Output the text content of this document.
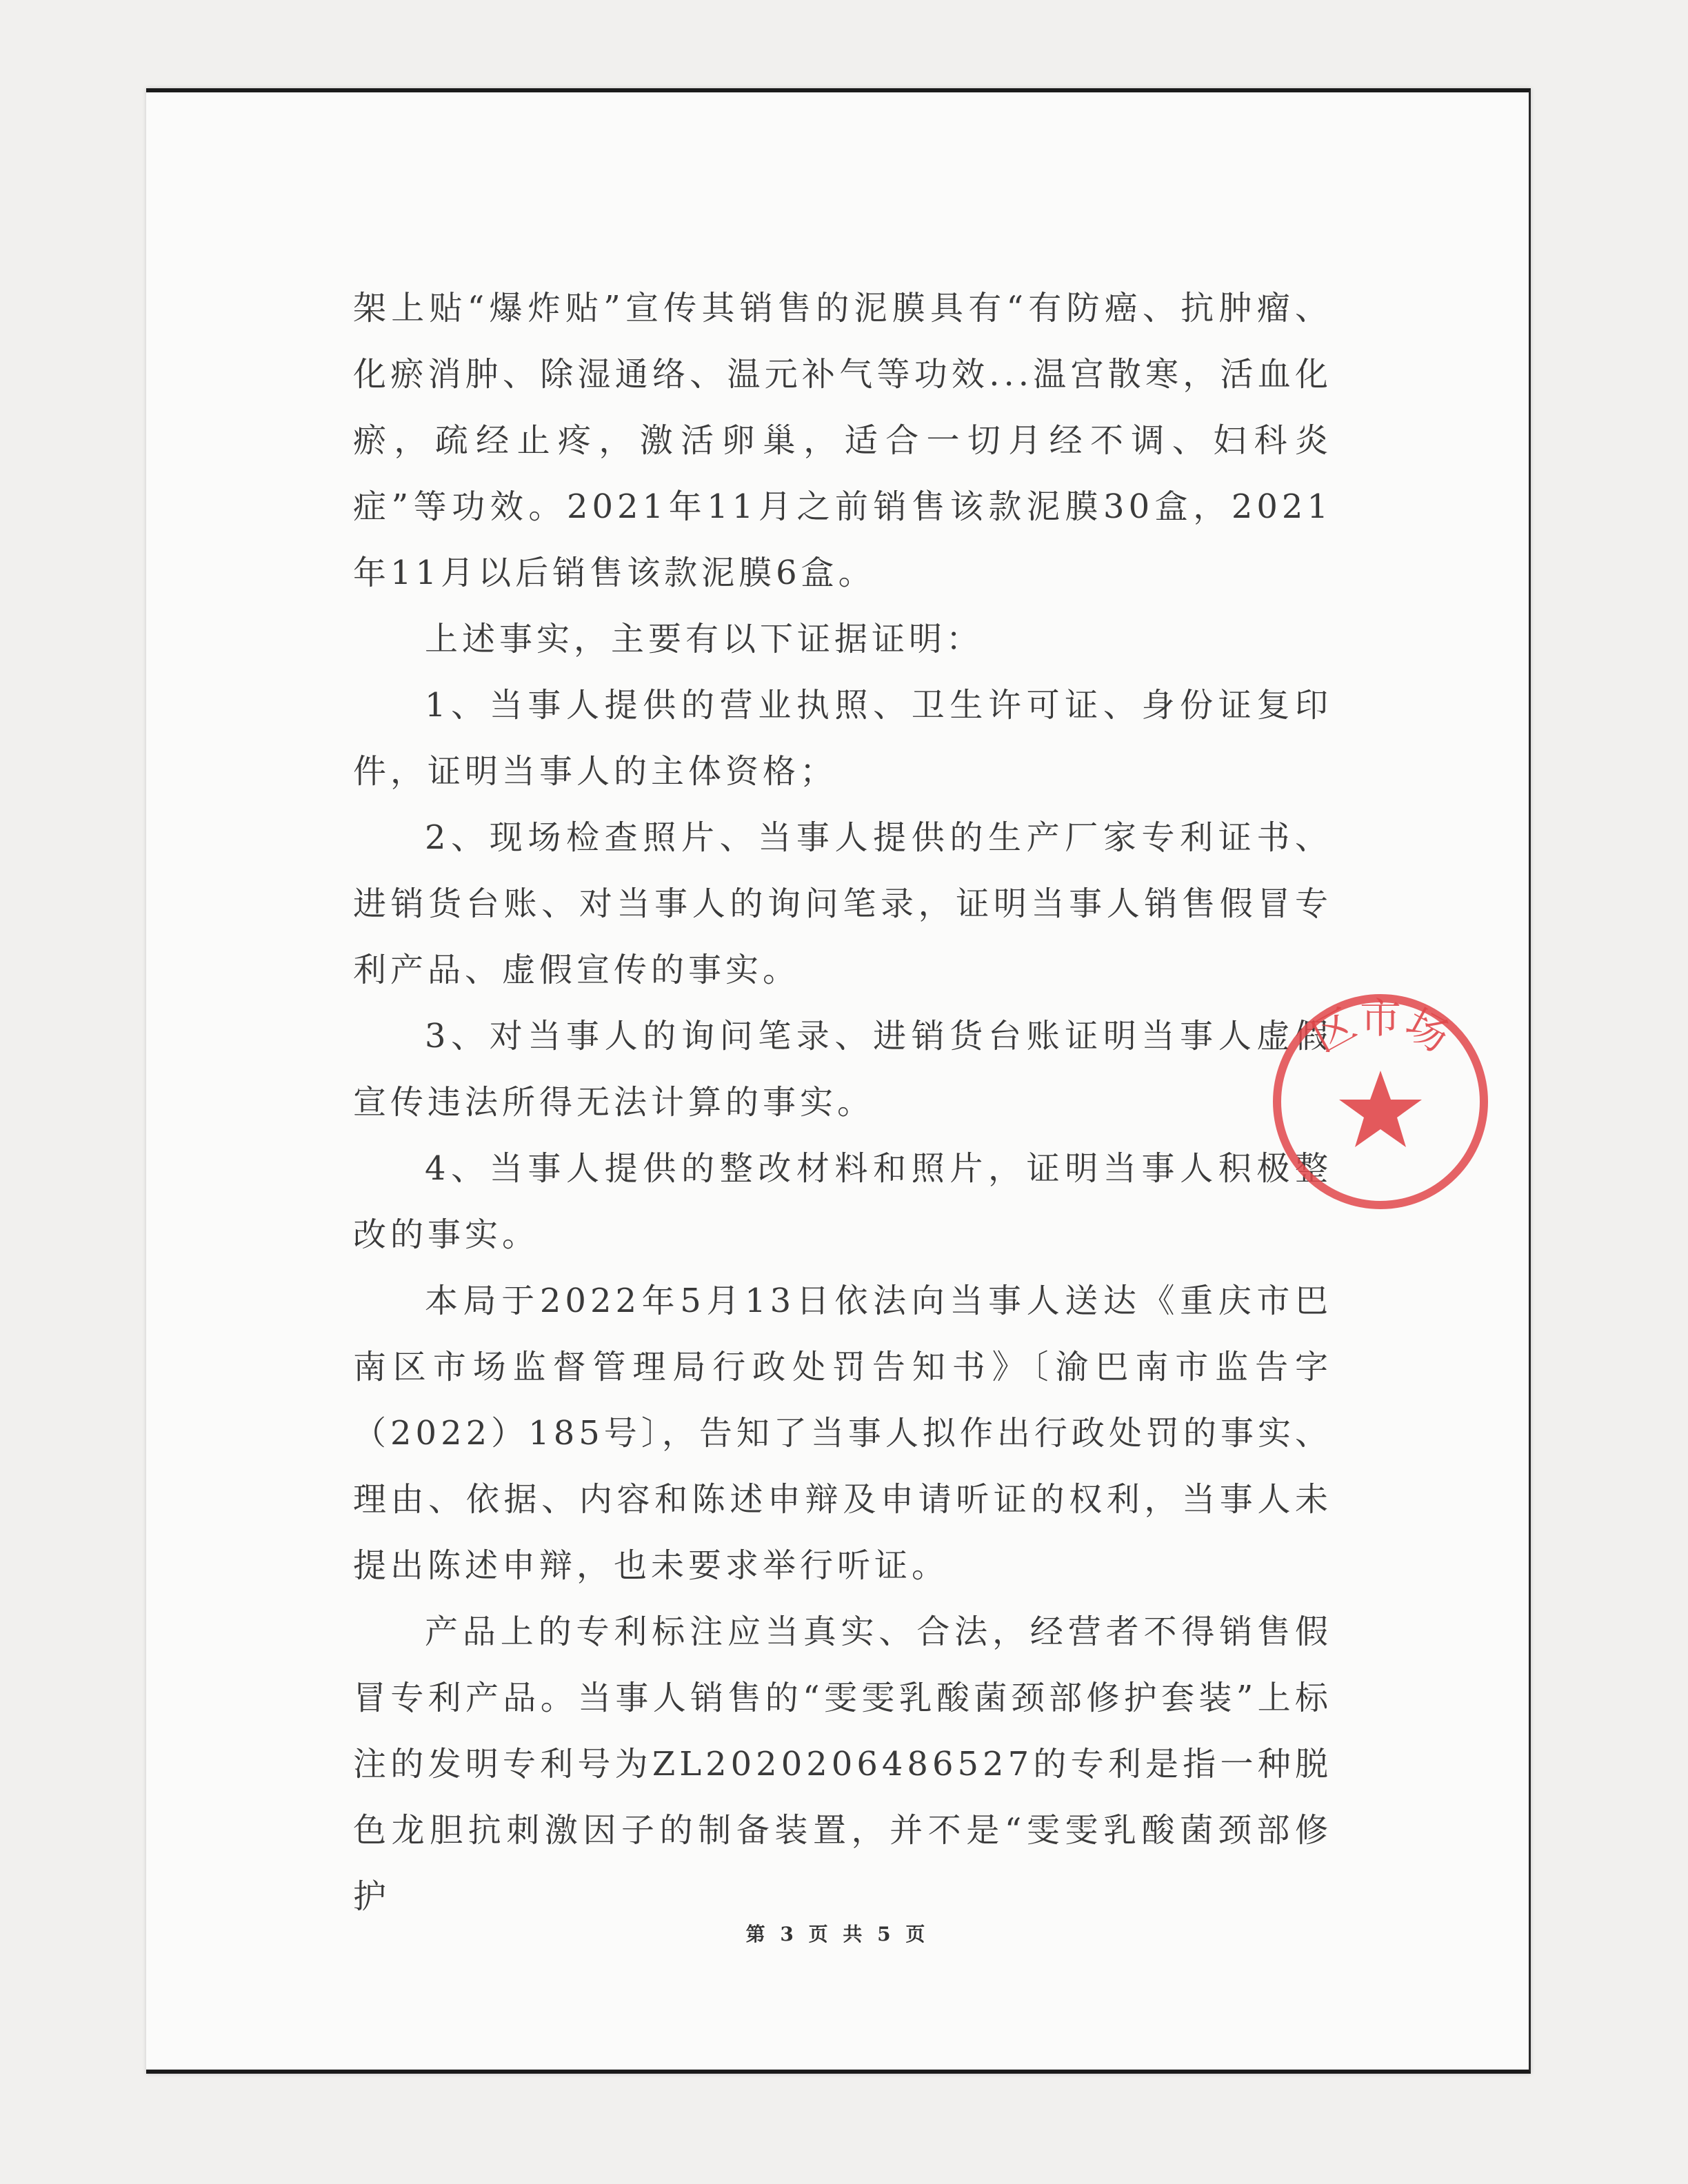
架上贴“爆炸贴”宣传其销售的泥膜具有“有防癌、抗肿瘤、化瘀消肿、除湿通络、温元补气等功效...温宫散寒，活血化瘀，疏经止疼，激活卵巢，适合一切月经不调、妇科炎症”等功效。2021年11月之前销售该款泥膜30盒，2021年11月以后销售该款泥膜6盒。

上述事实，主要有以下证据证明：

1、当事人提供的营业执照、卫生许可证、身份证复印件，证明当事人的主体资格；

2、现场检查照片、当事人提供的生产厂家专利证书、进销货台账、对当事人的询问笔录，证明当事人销售假冒专利产品、虚假宣传的事实。

3、对当事人的询问笔录、进销货台账证明当事人虚假宣传违法所得无法计算的事实。

4、当事人提供的整改材料和照片，证明当事人积极整改的事实。

本局于2022年5月13日依法向当事人送达《重庆市巴南区市场监督管理局行政处罚告知书》〔渝巴南市监告字（2022）185号〕，告知了当事人拟作出行政处罚的事实、理由、依据、内容和陈述申辩及申请听证的权利，当事人未提出陈述申辩，也未要求举行听证。

产品上的专利标注应当真实、合法，经营者不得销售假冒专利产品。当事人销售的“雯雯乳酸菌颈部修护套装”上标注的发明专利号为ZL2020206486527的专利是指一种脱色龙胆抗刺激因子的制备装置，并不是“雯雯乳酸菌颈部修护

第 3 页 共 5 页
区市场
